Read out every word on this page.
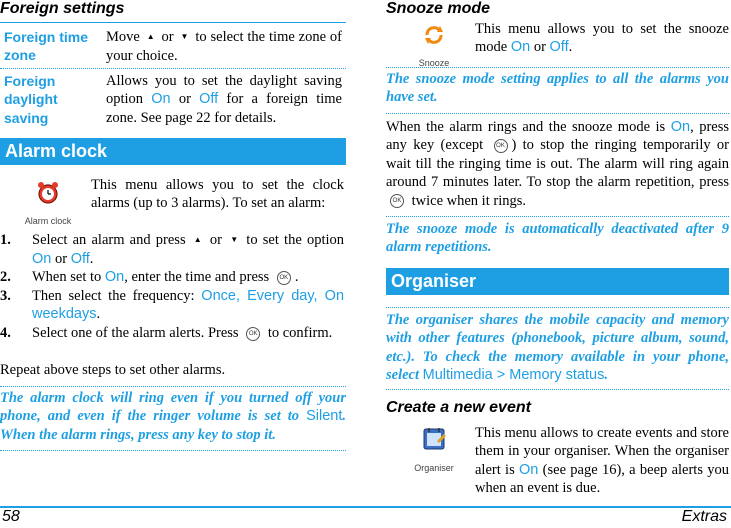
Foreign settings
Foreign time zone
Move ▲ or ▼ to select the time zone of your choice.
Foreign daylight saving
Allows you to set the daylight saving option On or Off for a foreign time zone. See page 22 for details.
Alarm clock
Alarm clock
This menu allows you to set the clock alarms (up to 3 alarms). To set an alarm:
1. Select an alarm and press ▲ or ▼ to set the option On or Off.
2. When set to On, enter the time and press OK .
3. Then select the frequency: Once, Every day, On weekdays.
4. Select one of the alarm alerts. Press OK to confirm.
Repeat above steps to set other alarms.
The alarm clock will ring even if you turned off your phone, and even if the ringer volume is set to Silent. When the alarm rings, press any key to stop it.
Snooze mode
Snooze
This menu allows you to set the snooze mode On or Off.
The snooze mode setting applies to all the alarms you have set.
When the alarm rings and the snooze mode is On, press any key (except OK ) to stop the ringing temporarily or wait till the ringing time is out. The alarm will ring again around 7 minutes later. To stop the alarm repetition, press OK twice when it rings.
The snooze mode is automatically deactivated after 9 alarm repetitions.
Organiser
The organiser shares the mobile capacity and memory with other features (phonebook, picture album, sound, etc.). To check the memory available in your phone, select Multimedia > Memory status.
Create a new event
Organiser
This menu allows to create events and store them in your organiser. When the organiser alert is On (see page 16), a beep alerts you when an event is due.
58	Extras
